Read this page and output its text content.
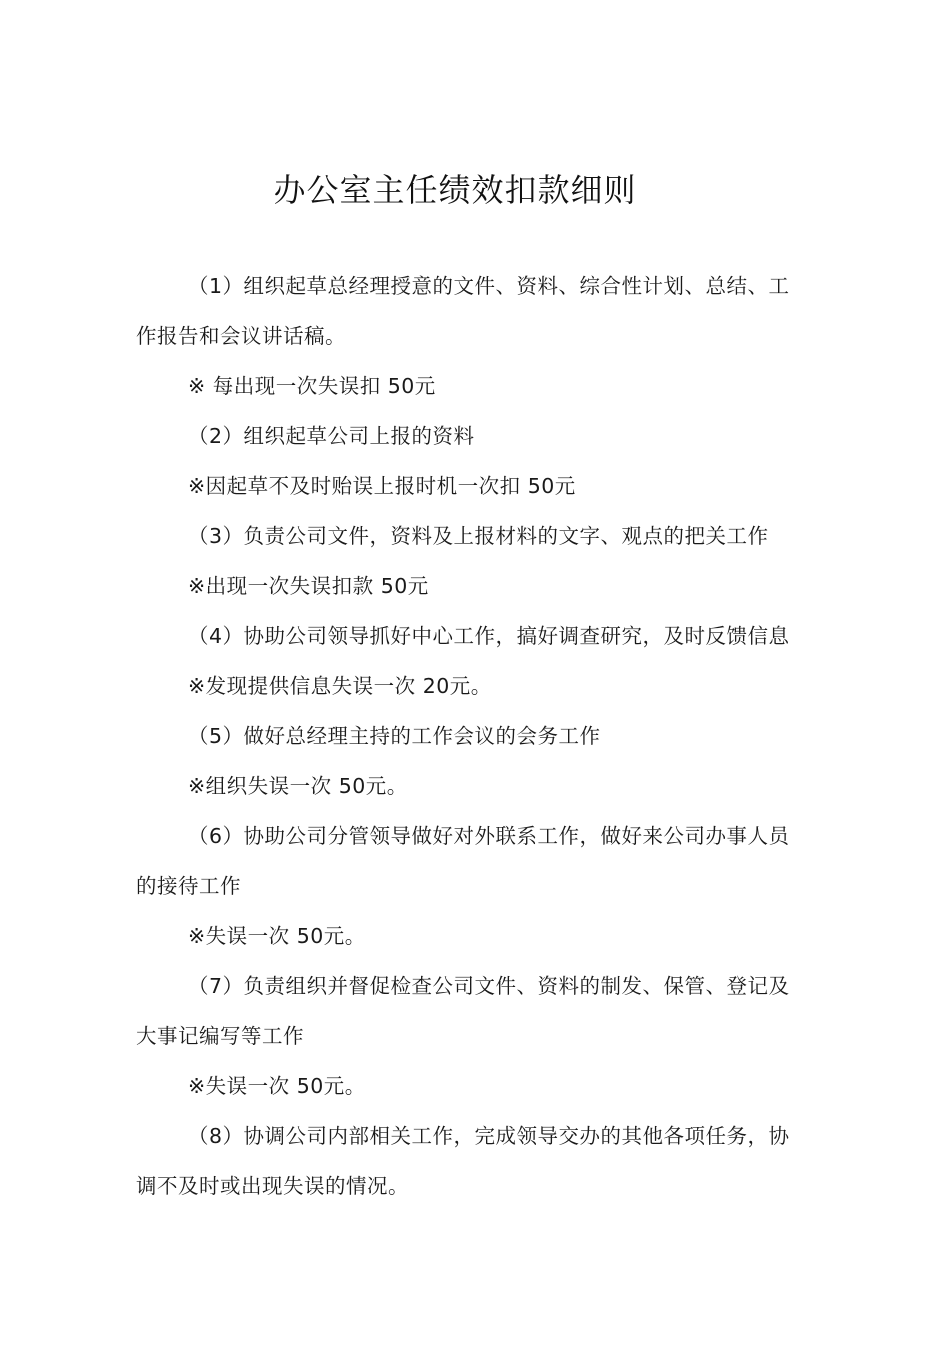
办公室主任绩效扣款细则
（1）组织起草总经理授意的文件、资料、综合性计划、总结、工
作报告和会议讲话稿。
※ 每出现一次失误扣 50元
（2）组织起草公司上报的资料
※因起草不及时贻误上报时机一次扣 50元
（3）负责公司文件，资料及上报材料的文字、观点的把关工作
※出现一次失误扣款 50元
（4）协助公司领导抓好中心工作，搞好调查研究，及时反馈信息
※发现提供信息失误一次 20元。
（5）做好总经理主持的工作会议的会务工作
※组织失误一次 50元。
（6）协助公司分管领导做好对外联系工作，做好来公司办事人员
的接待工作
※失误一次 50元。
（7）负责组织并督促检查公司文件、资料的制发、保管、登记及
大事记编写等工作
※失误一次 50元。
（8）协调公司内部相关工作，完成领导交办的其他各项任务，协
调不及时或出现失误的情况。
